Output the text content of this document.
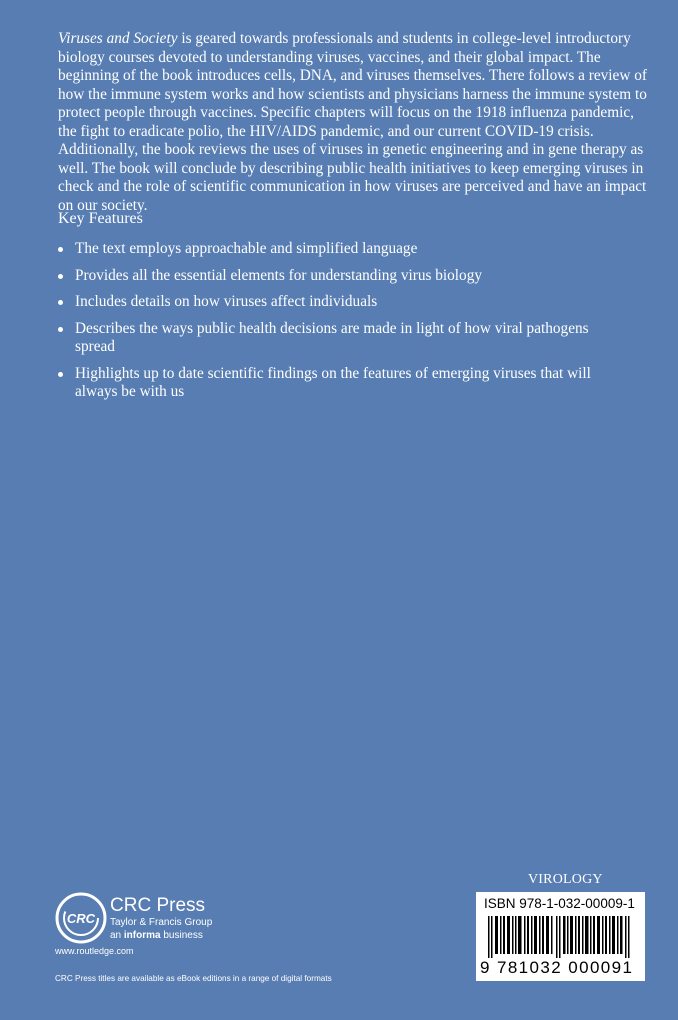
Viruses and Society is geared towards professionals and students in college-level introductory biology courses devoted to understanding viruses, vaccines, and their global impact. The beginning of the book introduces cells, DNA, and viruses themselves. There follows a review of how the immune system works and how scientists and physicians harness the immune system to protect people through vaccines. Specific chapters will focus on the 1918 influenza pandemic, the fight to eradicate polio, the HIV/AIDS pandemic, and our current COVID-19 crisis. Additionally, the book reviews the uses of viruses in genetic engineering and in gene therapy as well. The book will conclude by describing public health initiatives to keep emerging viruses in check and the role of scientific communication in how viruses are perceived and have an impact on our society.

Key Features
The text employs approachable and simplified language
Provides all the essential elements for understanding virus biology
Includes details on how viruses affect individuals
Describes the ways public health decisions are made in light of how viral pathogens spread
Highlights up to date scientific findings on the features of emerging viruses that will always be with us
CRC
CRC Press
Taylor & Francis Group
an informa business
www.routledge.com
CRC Press titles are available as eBook editions in a range of digital formats
VIROLOGY
ISBN 978-1-032-00009-1
9 781032 000091
